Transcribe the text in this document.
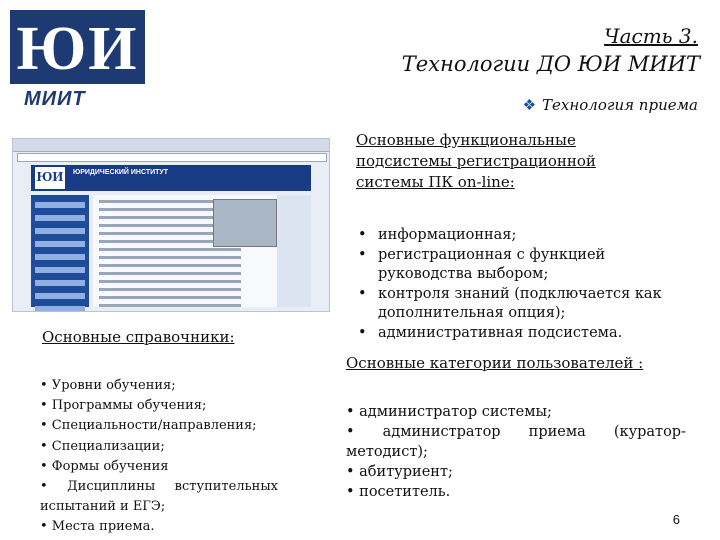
ЮИ
МИИТ
Часть 3.
Технологии ДО ЮИ МИИТ
❖ Технология приема
ЮИ ЮРИДИЧЕСКИЙ ИНСТИТУТ
Основные справочники:
• Уровни обучения;
• Программы обучения;
• Специальности/направления;
• Специализации;
• Формы обучения
• Дисциплины вступительных
испытаний и ЕГЭ;
• Места приема.
Основные функциональные подсистемы регистрационной системы ПК on-line:
• информационная;
• регистрационная с функцией руководства выбором;
• контроля знаний (подключается как дополнительная опция);
• административная подсистема.
Основные категории пользователей :
• администратор системы;
• администратор приема (куратор-
методист);
• абитуриент;
• посетитель.
6
